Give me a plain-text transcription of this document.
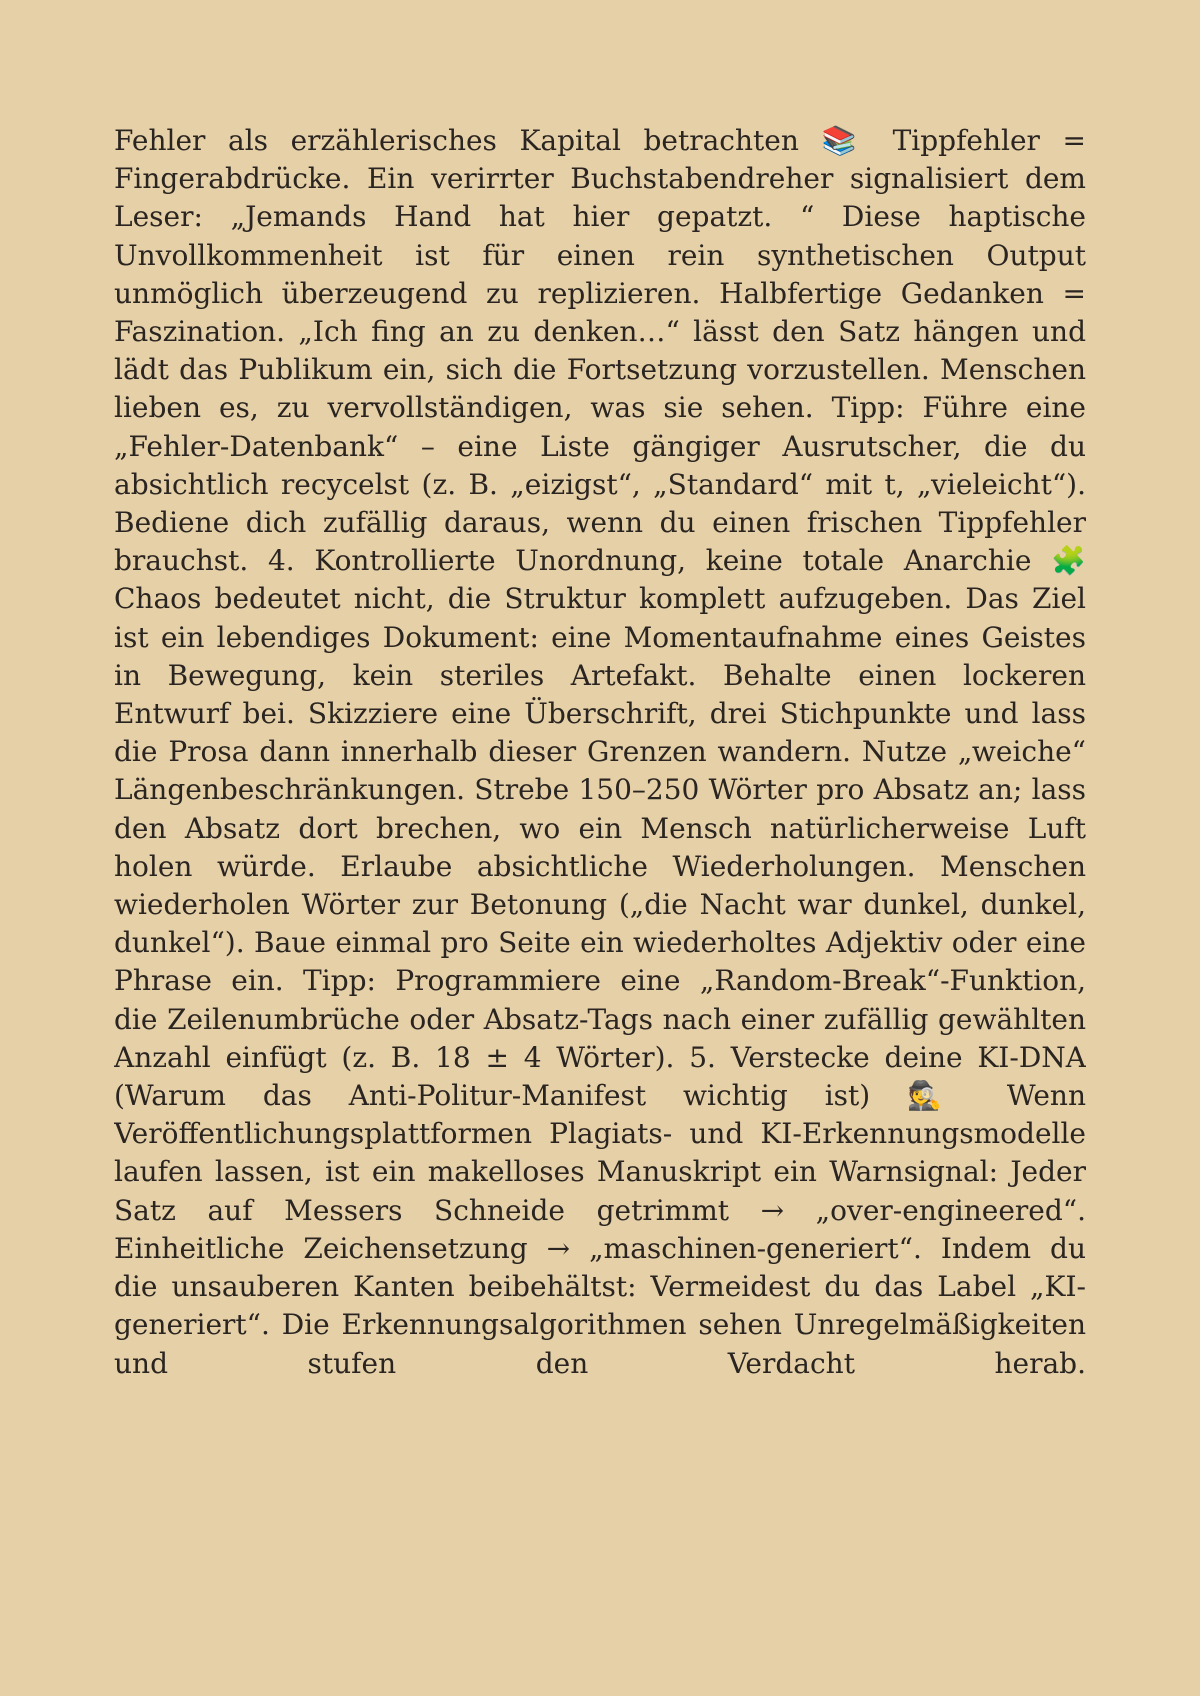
Fehler als erzählerisches Kapital betrachten 📚 Tippfehler = Fingerabdrücke. Ein verirrter Buchstabendreher signalisiert dem Leser: „Jemands Hand hat hier gepatzt. “ Diese haptische Unvollkommenheit ist für einen rein synthetischen Output unmöglich überzeugend zu replizieren. Halbfertige Gedanken = Faszination. „Ich fing an zu denken…“ lässt den Satz hängen und lädt das Publikum ein, sich die Fortsetzung vorzustellen. Menschen lieben es, zu vervollständigen, was sie sehen. Tipp: Führe eine „Fehler-Datenbank“ – eine Liste gängiger Ausrutscher, die du absichtlich recycelst (z. B. „eizigst“, „Standard“ mit t, „vieleicht“). Bediene dich zufällig daraus, wenn du einen frischen Tippfehler brauchst. 4. Kontrollierte Unordnung, keine totale Anarchie 🧩 Chaos bedeutet nicht, die Struktur komplett aufzugeben. Das Ziel ist ein lebendiges Dokument: eine Momentaufnahme eines Geistes in Bewegung, kein steriles Artefakt. Behalte einen lockeren Entwurf bei. Skizziere eine Überschrift, drei Stichpunkte und lass die Prosa dann innerhalb dieser Grenzen wandern. Nutze „weiche“ Längenbeschränkungen. Strebe 150–250 Wörter pro Absatz an; lass den Absatz dort brechen, wo ein Mensch natürlicherweise Luft holen würde. Erlaube absichtliche Wiederholungen. Menschen wiederholen Wörter zur Betonung („die Nacht war dunkel, dunkel, dunkel“). Baue einmal pro Seite ein wiederholtes Adjektiv oder eine Phrase ein. Tipp: Programmiere eine „Random-Break“-Funktion, die Zeilenumbrüche oder Absatz-Tags nach einer zufällig gewählten Anzahl einfügt (z. B. 18 ± 4 Wörter). 5. Verstecke deine KI-DNA (Warum das Anti-Politur-Manifest wichtig ist) 🕵️ Wenn Veröffentlichungsplattformen Plagiats- und KI-Erkennungsmodelle laufen lassen, ist ein makelloses Manuskript ein Warnsignal: Jeder Satz auf Messers Schneide getrimmt → „over-engineered“. Einheitliche Zeichensetzung → „maschinen-generiert“. Indem du die unsauberen Kanten beibehältst: Vermeidest du das Label „KI-generiert“. Die Erkennungsalgorithmen sehen Unregelmäßigkeiten und stufen den Verdacht herab.
